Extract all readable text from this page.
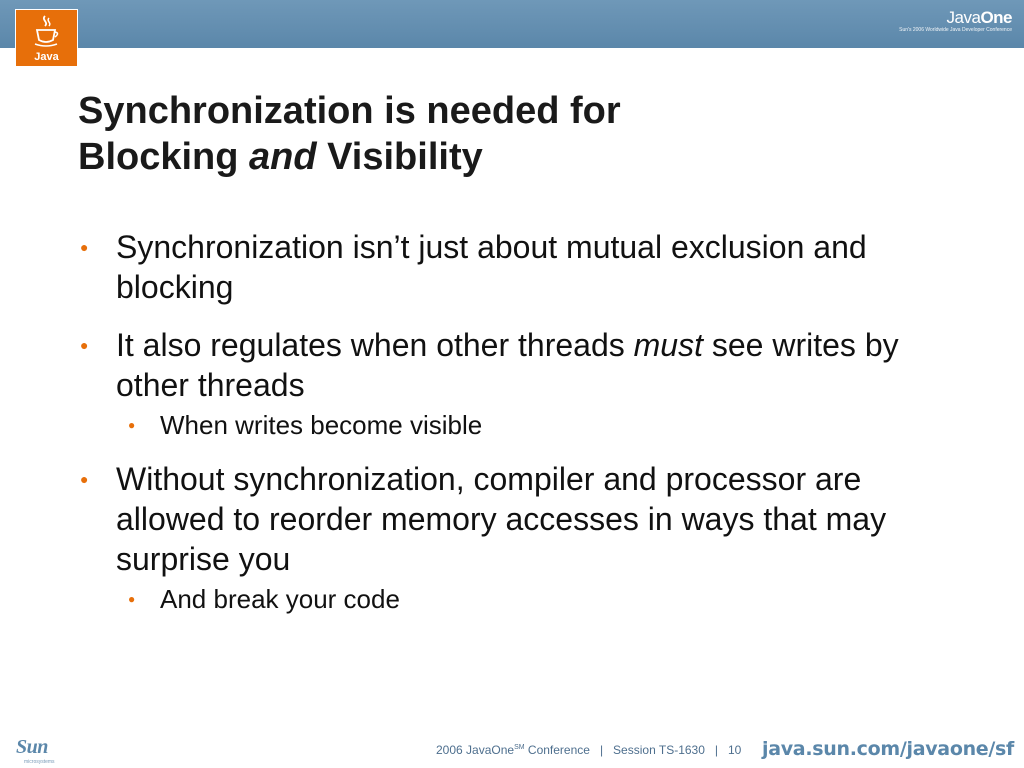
Java
JavaOne
Sun's 2006 Worldwide Java Developer Conference
Synchronization is needed for
Blocking and Visibility
● Synchronization isn’t just about mutual exclusion and blocking
● It also regulates when other threads must see writes by other threads
● When writes become visible
● Without synchronization, compiler and processor are allowed to reorder memory accesses in ways that may surprise you
● And break your code
Sun
microsystems
2006 JavaOne℠ Conference   |   Session TS-1630   |   10 java.sun.com/javaone/sf
